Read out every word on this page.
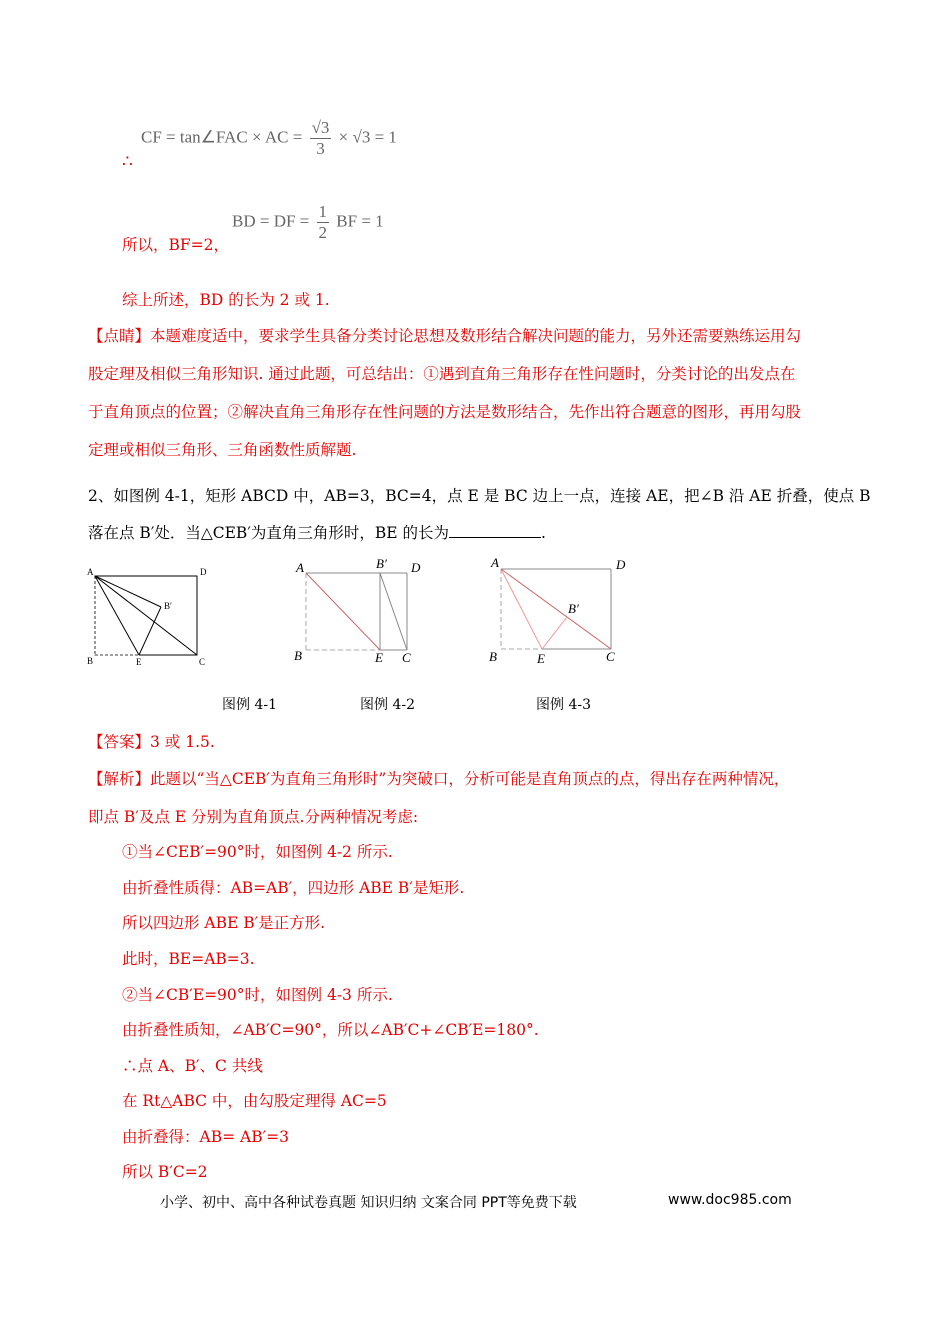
CF = tan∠FAC × AC = $\frac{√3}{3} \times √3 = 1$
∴
BD = DF = $\frac{1}{2}$ BF = 1
所以，BF=2，
综上所述，BD 的长为 2 或 1.
【点睛】本题难度适中，要求学生具备分类讨论思想及数形结合解决问题的能力，另外还需要熟练运用勾
股定理及相似三角形知识. 通过此题，可总结出：①遇到直角三角形存在性问题时，分类讨论的出发点在
于直角顶点的位置；②解决直角三角形存在性问题的方法是数形结合，先作出符合题意的图形，再用勾股
定理或相似三角形、三角函数性质解题.
2、如图例 4-1，矩形 ABCD 中，AB=3，BC=4，点 E 是 BC 边上一点，连接 AE，把∠B 沿 AE 折叠，使点 B
落在点 B′处．当△CEB′为直角三角形时，BE 的长为	.
A	D
B′
B	E	C
A	B′ D
B	E C
A	D
B′
B	E	C
图例 4-1	图例 4-2	图例 4-3
【答案】3 或 1.5.
【解析】此题以“当△CEB′为直角三角形时”为突破口，分析可能是直角顶点的点，得出存在两种情况，
即点 B′及点 E 分别为直角顶点.分两种情况考虑:
①当∠CEB′=90°时，如图例 4-2 所示.
由折叠性质得：AB=AB′，四边形 ABE B′是矩形.
所以四边形 ABE B′是正方形.
此时，BE=AB=3.
②当∠CB′E=90°时，如图例 4-3 所示.
由折叠性质知，∠AB′C=90°，所以∠AB′C+∠CB′E=180°.
∴点 A、B′、C 共线
在 Rt△ABC 中，由勾股定理得 AC=5
由折叠得：AB= AB′=3
所以 B′C=2
小学、初中、高中各种试卷真题 知识归纳 文案合同 PPT等免费下载	www.doc985.com
